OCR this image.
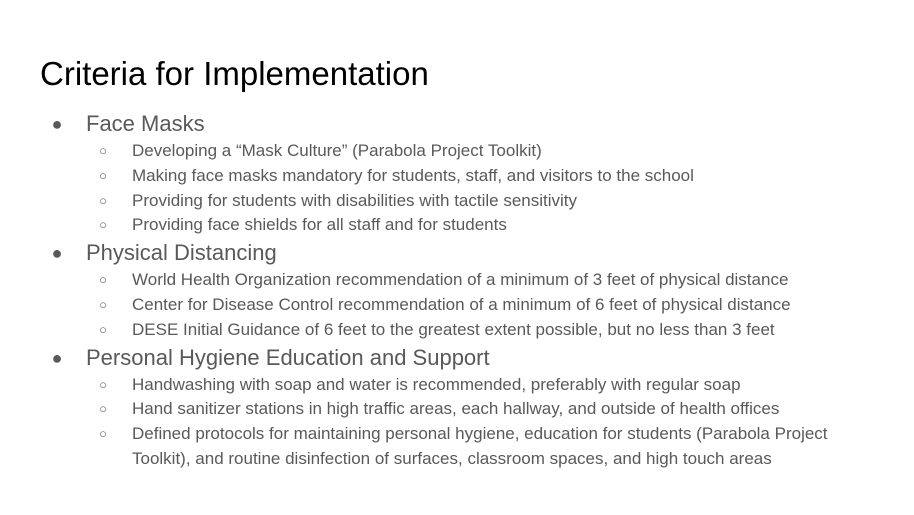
Criteria for Implementation
● Face Masks
○ Developing a “Mask Culture” (Parabola Project Toolkit)
○ Making face masks mandatory for students, staff, and visitors to the school
○ Providing for students with disabilities with tactile sensitivity
○ Providing face shields for all staff and for students
● Physical Distancing
○ World Health Organization recommendation of a minimum of 3 feet of physical distance
○ Center for Disease Control recommendation of a minimum of 6 feet of physical distance
○ DESE Initial Guidance of 6 feet to the greatest extent possible, but no less than 3 feet
● Personal Hygiene Education and Support
○ Handwashing with soap and water is recommended, preferably with regular soap
○ Hand sanitizer stations in high traffic areas, each hallway, and outside of health offices
○ Defined protocols for maintaining personal hygiene, education for students (Parabola Project Toolkit), and routine disinfection of surfaces, classroom spaces, and high touch areas
